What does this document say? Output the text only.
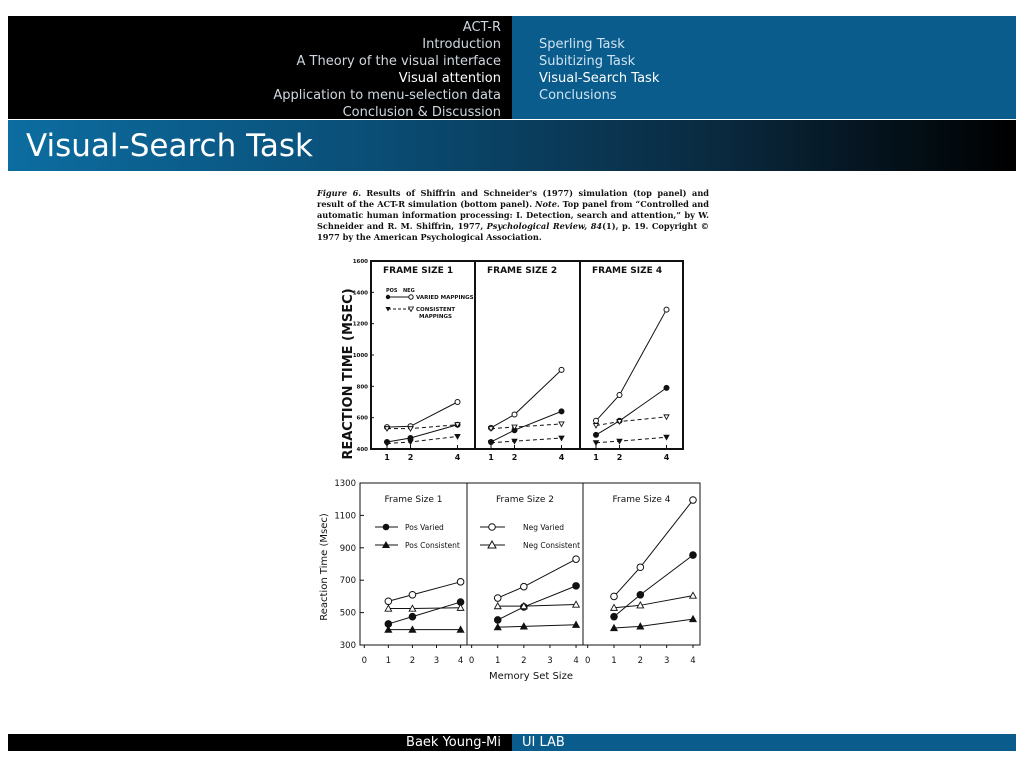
ACT-R
Introduction
A Theory of the visual interface
Visual attention
Application to menu-selection data
Conclusion & Discussion
Sperling Task
Subitizing Task
Visual-Search Task
Conclusions
Visual-Search Task
Figure 6. Results of Shiffrin and Schneider's (1977) simulation (top panel) and result of the ACT-R simulation (bottom panel). Note. Top panel from “Controlled and automatic human information processing: I. Detection, search and attention,” by W. Schneider and R. M. Shiffrin, 1977, Psychological Review, 84(1), p. 19. Copyright © 1977 by the American Psychological Association.
REACTION TIME (MSEC) 400
600
800
1000
1200
1400
1600
FRAME SIZE 1
1 2	4
FRAME SIZE 2
1 2	4
FRAME SIZE 4
1 2	4
POS NEG
VARIED MAPPINGS
CONSISTENT
MAPPINGS
Reaction Time (Msec)
Memory Set Size
300
500
700
900
1100
1300
Frame Size 1
0 1 2 3 4
Frame Size 2
0 1 2 3 4
Frame Size 4
0 1 2 3 4
Pos Varied
Pos Consistent
Neg Varied
Neg Consistent
Baek Young-Mi UI LAB
